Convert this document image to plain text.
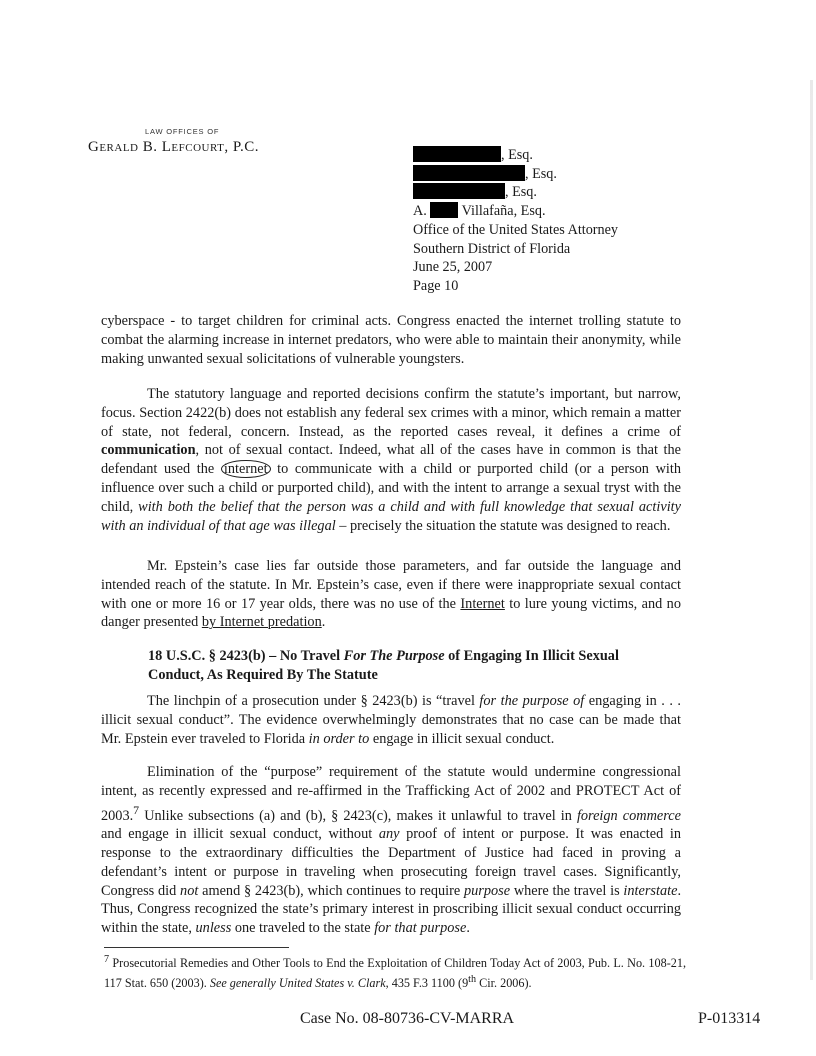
LAW OFFICES OF
Gerald B. Lefcourt, P.C.	, Esq.
, Esq.
, Esq.
A. Villafaña, Esq.
Office of the United States Attorney
Southern District of Florida
June 25, 2007
Page 10

cyberspace - to target children for criminal acts. Congress enacted the internet trolling statute to combat the alarming increase in internet predators, who were able to maintain their anonymity, while making unwanted sexual solicitations of vulnerable youngsters.

The statutory language and reported decisions confirm the statute’s important, but narrow, focus. Section 2422(b) does not establish any federal sex crimes with a minor, which remain a matter of state, not federal, concern. Instead, as the reported cases reveal, it defines a crime of communication, not of sexual contact. Indeed, what all of the cases have in common is that the defendant used the internet to communicate with a child or purported child (or a person with influence over such a child or purported child), and with the intent to arrange a sexual tryst with the child, with both the belief that the person was a child and with full knowledge that sexual activity with an individual of that age was illegal – precisely the situation the statute was designed to reach.

Mr. Epstein’s case lies far outside those parameters, and far outside the language and intended reach of the statute. In Mr. Epstein’s case, even if there were inappropriate sexual contact with one or more 16 or 17 year olds, there was no use of the Internet to lure young victims, and no danger presented by Internet predation.

18 U.S.C. § 2423(b) – No Travel For The Purpose of Engaging In Illicit Sexual Conduct, As Required By The Statute

The linchpin of a prosecution under § 2423(b) is “travel for the purpose of engaging in . . . illicit sexual conduct”. The evidence overwhelmingly demonstrates that no case can be made that Mr. Epstein ever traveled to Florida in order to engage in illicit sexual conduct.

Elimination of the “purpose” requirement of the statute would undermine congressional intent, as recently expressed and re-affirmed in the Trafficking Act of 2002 and PROTECT Act of 2003.$^7$ Unlike subsections (a) and (b), § 2423(c), makes it unlawful to travel in foreign commerce and engage in illicit sexual conduct, without any proof of intent or purpose. It was enacted in response to the extraordinary difficulties the Department of Justice had faced in proving a defendant’s intent or purpose in traveling when prosecuting foreign travel cases. Significantly, Congress did not amend § 2423(b), which continues to require purpose where the travel is interstate. Thus, Congress recognized the state’s primary interest in proscribing illicit sexual conduct occurring within the state, unless one traveled to the state for that purpose.

$^7$ Prosecutorial Remedies and Other Tools to End the Exploitation of Children Today Act of 2003, Pub. L. No. 108-21, 117 Stat. 650 (2003). See generally United States v. Clark, 435 F.3 1100 (9th Cir. 2006).
Case No. 08-80736-CV-MARRA	P-013314
